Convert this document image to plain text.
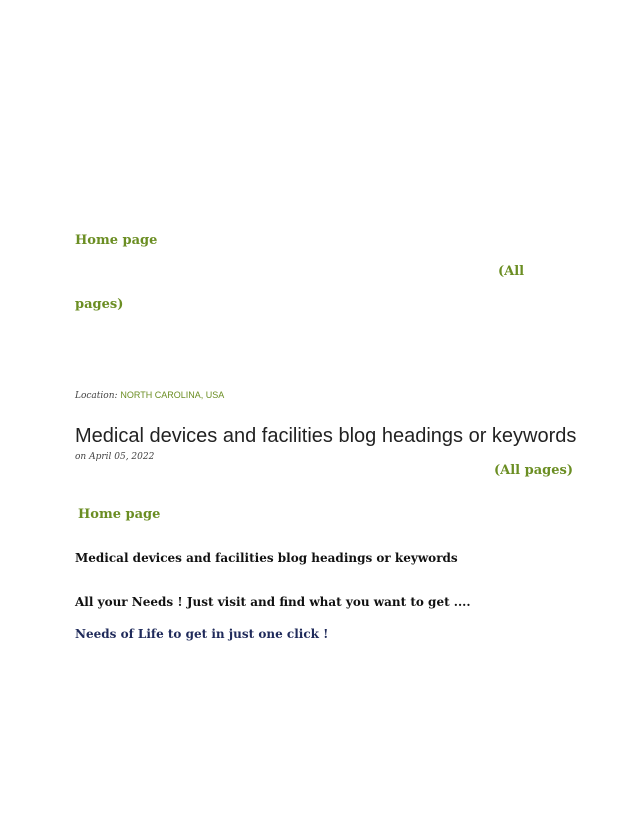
Home page
(All
pages)
Location: NORTH CAROLINA, USA
Medical devices and facilities blog headings or keywords
on April 05, 2022
(All pages)
Home page
Medical devices and facilities blog headings or keywords
All your Needs ! Just visit and find what you want to get ....
Needs of Life to get in just one click !
